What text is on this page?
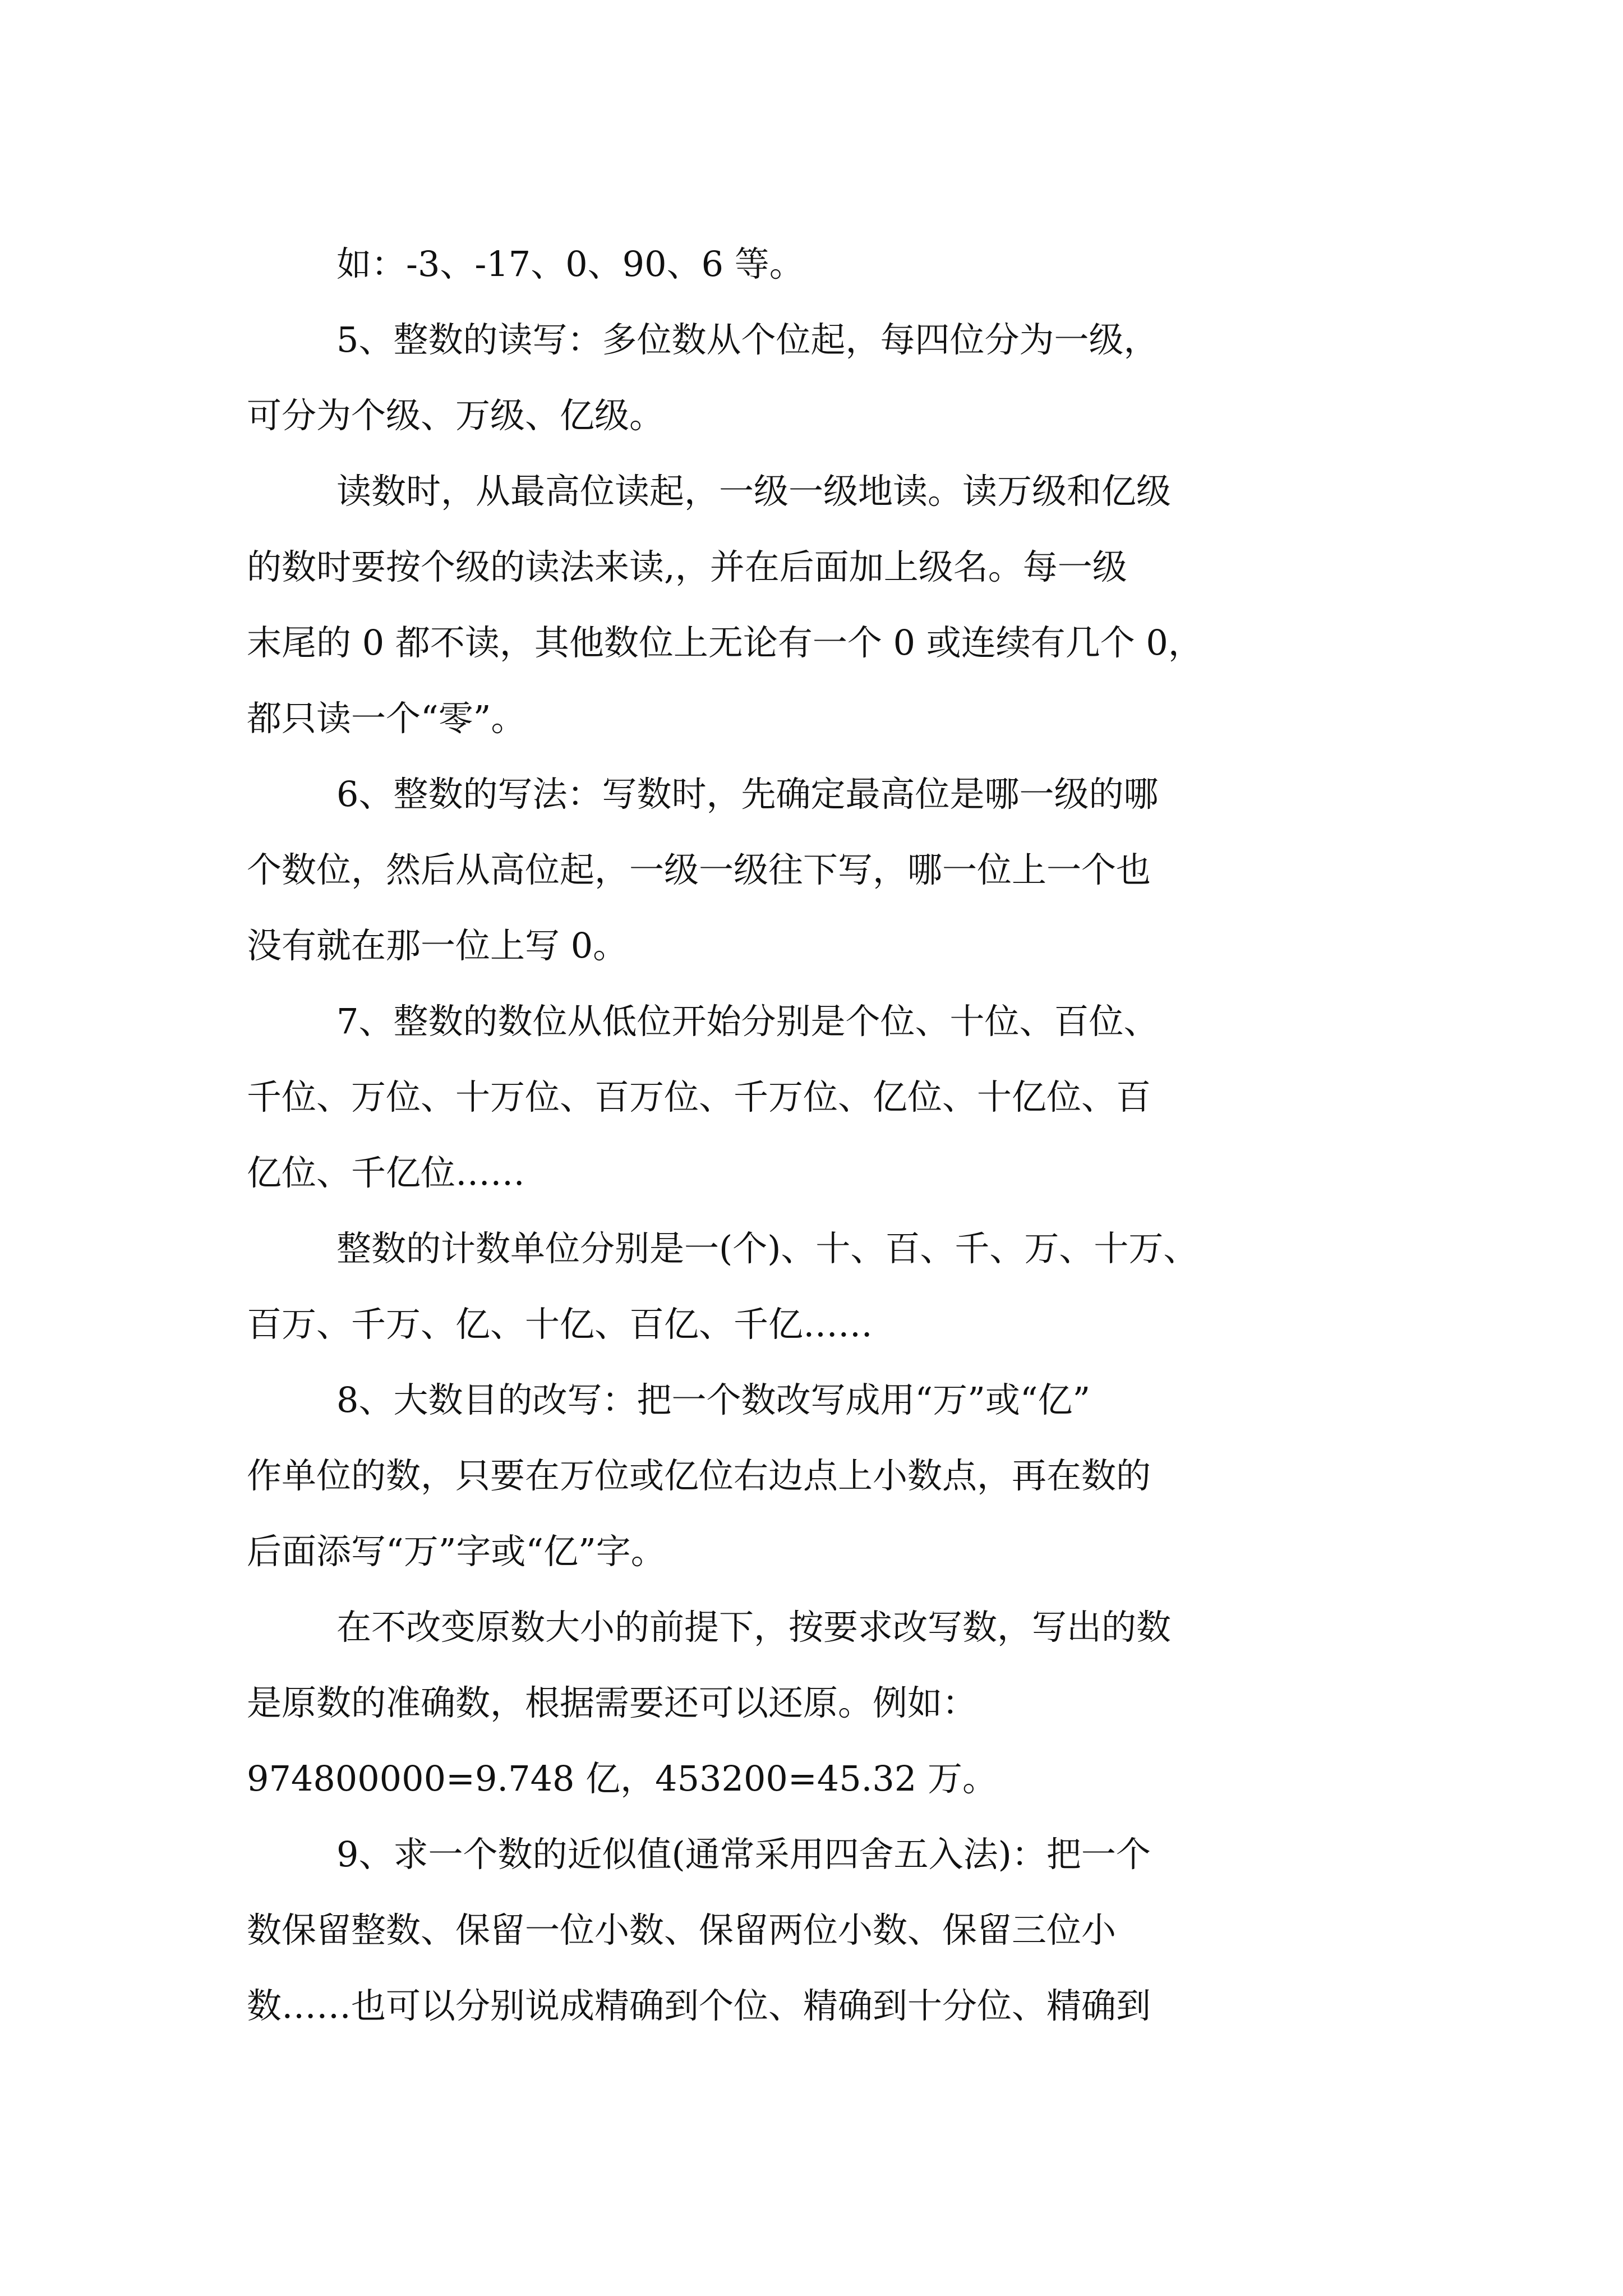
如：-3、-17、0、90、6 等。
5、整数的读写：多位数从个位起，每四位分为一级，
可分为个级、万级、亿级。
读数时，从最高位读起，一级一级地读。读万级和亿级
的数时要按个级的读法来读,，并在后面加上级名。每一级
末尾的 0 都不读，其他数位上无论有一个 0 或连续有几个 0，
都只读一个“零”。
6、整数的写法：写数时，先确定最高位是哪一级的哪
个数位，然后从高位起，一级一级往下写，哪一位上一个也
没有就在那一位上写 0。
7、整数的数位从低位开始分别是个位、十位、百位、
千位、万位、十万位、百万位、千万位、亿位、十亿位、百
亿位、千亿位……
整数的计数单位分别是一(个)、十、百、千、万、十万、
百万、千万、亿、十亿、百亿、千亿……
8、大数目的改写：把一个数改写成用“万”或“亿”
作单位的数，只要在万位或亿位右边点上小数点，再在数的
后面添写“万”字或“亿”字。
在不改变原数大小的前提下，按要求改写数，写出的数
是原数的准确数，根据需要还可以还原。例如：
974800000=9.748 亿，453200=45.32 万。
9、求一个数的近似值(通常采用四舍五入法)：把一个
数保留整数、保留一位小数、保留两位小数、保留三位小
数……也可以分别说成精确到个位、精确到十分位、精确到
